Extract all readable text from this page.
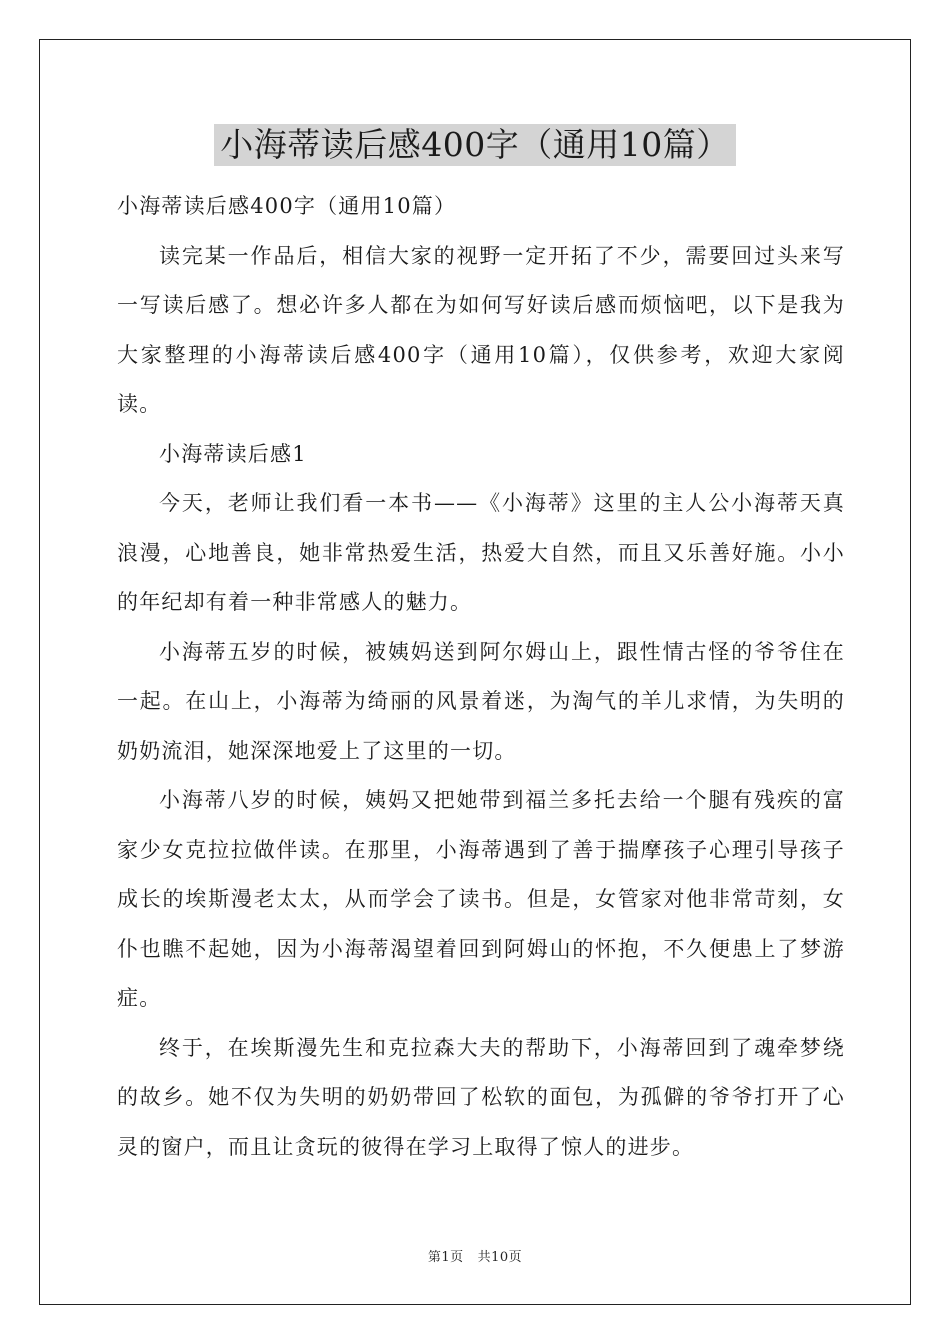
小海蒂读后感400字（通用10篇）

小海蒂读后感400字（通用10篇）

读完某一作品后，相信大家的视野一定开拓了不少，需要回过头来写一写读后感了。想必许多人都在为如何写好读后感而烦恼吧，以下是我为大家整理的小海蒂读后感400字（通用10篇），仅供参考，欢迎大家阅读。

小海蒂读后感1

今天，老师让我们看一本书——《小海蒂》这里的主人公小海蒂天真浪漫，心地善良，她非常热爱生活，热爱大自然，而且又乐善好施。小小的年纪却有着一种非常感人的魅力。

小海蒂五岁的时候，被姨妈送到阿尔姆山上，跟性情古怪的爷爷住在一起。在山上，小海蒂为绮丽的风景着迷，为淘气的羊儿求情，为失明的奶奶流泪，她深深地爱上了这里的一切。

小海蒂八岁的时候，姨妈又把她带到福兰多托去给一个腿有残疾的富家少女克拉拉做伴读。在那里，小海蒂遇到了善于揣摩孩子心理引导孩子成长的埃斯漫老太太，从而学会了读书。但是，女管家对他非常苛刻，女仆也瞧不起她，因为小海蒂渴望着回到阿姆山的怀抱，不久便患上了梦游症。

终于，在埃斯漫先生和克拉森大夫的帮助下，小海蒂回到了魂牵梦绕的故乡。她不仅为失明的奶奶带回了松软的面包，为孤僻的爷爷打开了心灵的窗户，而且让贪玩的彼得在学习上取得了惊人的进步。

第1页 共10页
